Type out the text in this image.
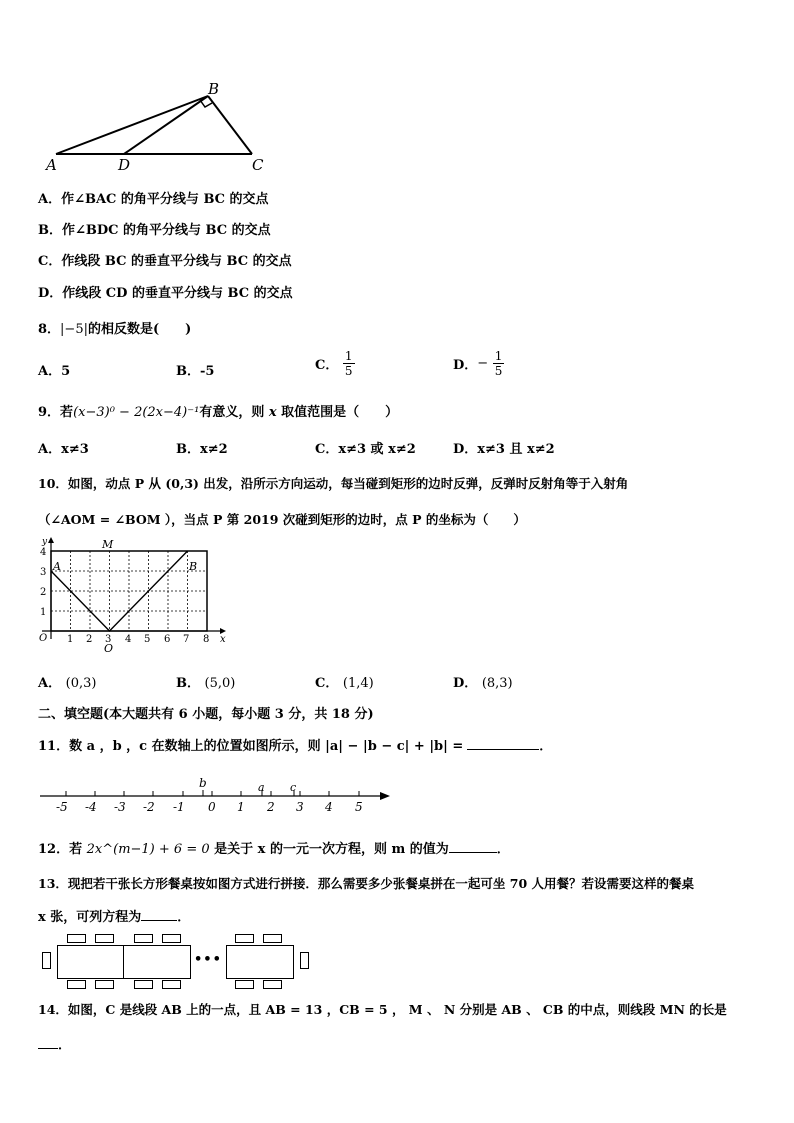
B
A	D	C
A．作∠BAC 的角平分线与 BC 的交点
B．作∠BDC 的角平分线与 BC 的交点
C．作线段 BC 的垂直平分线与 BC 的交点
D．作线段 CD 的垂直平分线与 BC 的交点
8．|−5|的相反数是(　　)
A．5	B．-5	C． $\frac{1}{5}$	D．− $\frac{1}{5}$
9．若(x−3)⁰ − 2(2x−4)⁻¹有意义，则 x 取值范围是（　　）
A．x≠3	B．x≠2	C．x≠3 或 x≠2	D．x≠3 且 x≠2
10．如图，动点 P 从 (0,3) 出发，沿所示方向运动，每当碰到矩形的边时反弹，反弹时反射角等于入射角
（∠AOM = ∠BOM ），当点 P 第 2019 次碰到矩形的边时，点 P 的坐标为（　　）
y
x
O
1
2
3
4
1 2 3 4 5 6 7 8
A	B
M
O
A． (0,3)	B． (5,0)	C． (1,4)	D． (8,3)
二、填空题(本大题共有 6 小题，每小题 3 分，共 18 分)
11．数 a ，b ，c 在数轴上的位置如图所示，则 |a| − |b − c| + |b| =	．
-5 -4 -3 -2 -1 0 1 2 3 4 5
b	a c
12．若 2x^(m−1) + 6 = 0 是关于 x 的一元一次方程，则 m 的值为	．
13．现把若干张长方形餐桌按如图方式进行拼接．那么需要多少张餐桌拼在一起可坐 70 人用餐？若设需要这样的餐桌
x 张，可列方程为	．
•••
14．如图，C 是线段 AB 上的一点，且 AB = 13 ，CB = 5 ， M 、 N 分别是 AB 、 CB 的中点，则线段 MN 的长是
．
